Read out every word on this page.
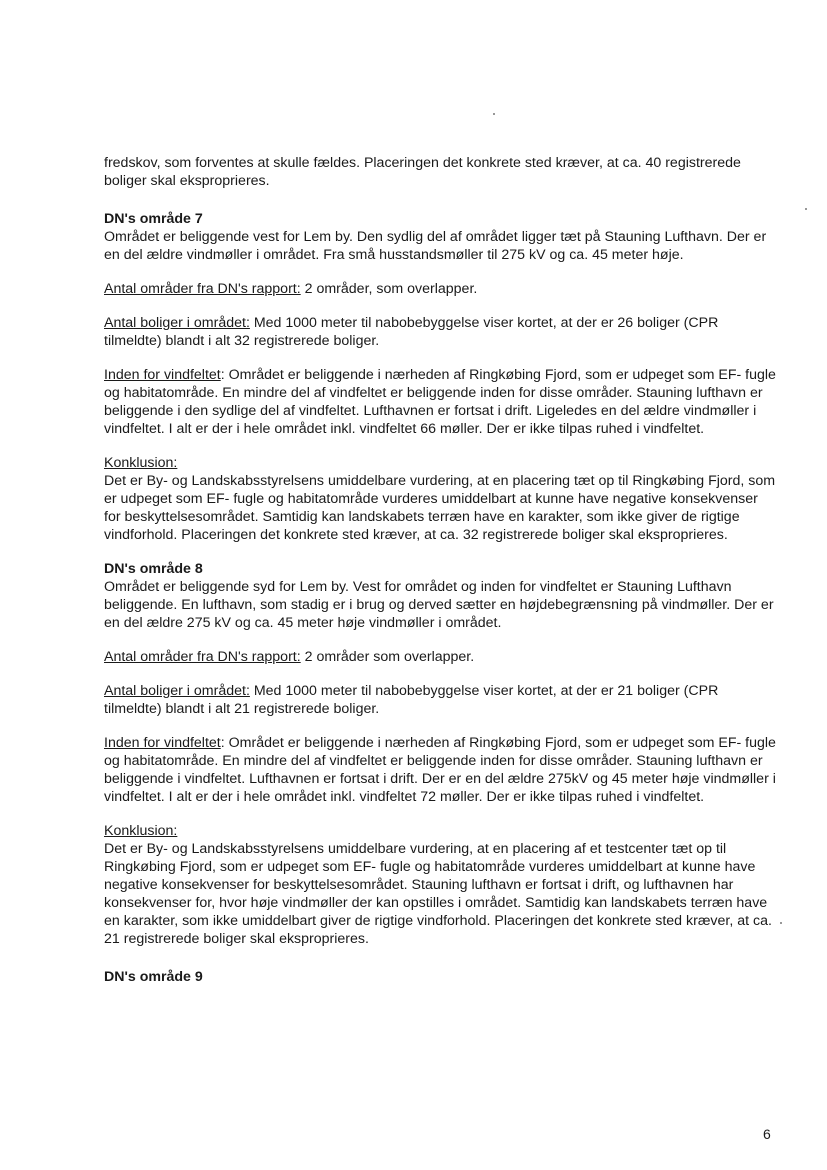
fredskov, som forventes at skulle fældes. Placeringen det konkrete sted kræver, at ca. 40 registrerede boliger skal eksproprieres.

DN's område 7

Området er beliggende vest for Lem by. Den sydlig del af området ligger tæt på Stauning Lufthavn. Der er en del ældre vindmøller i området. Fra små husstandsmøller til 275 kV og ca. 45 meter høje.

Antal områder fra DN's rapport: 2 områder, som overlapper.

Antal boliger i området: Med 1000 meter til nabobebyggelse viser kortet, at der er 26 boliger (CPR tilmeldte) blandt i alt 32 registrerede boliger.

Inden for vindfeltet: Området er beliggende i nærheden af Ringkøbing Fjord, som er udpeget som EF- fugle og habitatområde. En mindre del af vindfeltet er beliggende inden for disse områder. Stauning lufthavn er beliggende i den sydlige del af vindfeltet. Lufthavnen er fortsat i drift. Ligeledes en del ældre vindmøller i vindfeltet. I alt er der i hele området inkl. vindfeltet 66 møller. Der er ikke tilpas ruhed i vindfeltet.

Konklusion:
Det er By- og Landskabsstyrelsens umiddelbare vurdering, at en placering tæt op til Ringkøbing Fjord, som er udpeget som EF- fugle og habitatområde vurderes umiddelbart at kunne have negative konsekvenser for beskyttelsesområdet. Samtidig kan landskabets terræn have en karakter, som ikke giver de rigtige vindforhold. Placeringen det konkrete sted kræver, at ca. 32 registrerede boliger skal eksproprieres.

DN's område 8

Området er beliggende syd for Lem by. Vest for området og inden for vindfeltet er Stauning Lufthavn beliggende. En lufthavn, som stadig er i brug og derved sætter en højdebegrænsning på vindmøller. Der er en del ældre 275 kV og ca. 45 meter høje vindmøller i området.

Antal områder fra DN's rapport: 2 områder som overlapper.

Antal boliger i området: Med 1000 meter til nabobebyggelse viser kortet, at der er 21 boliger (CPR tilmeldte) blandt i alt 21 registrerede boliger.

Inden for vindfeltet: Området er beliggende i nærheden af Ringkøbing Fjord, som er udpeget som EF- fugle og habitatområde. En mindre del af vindfeltet er beliggende inden for disse områder. Stauning lufthavn er beliggende i vindfeltet. Lufthavnen er fortsat i drift. Der er en del ældre 275kV og 45 meter høje vindmøller i vindfeltet. I alt er der i hele området inkl. vindfeltet 72 møller. Der er ikke tilpas ruhed i vindfeltet.

Konklusion:
Det er By- og Landskabsstyrelsens umiddelbare vurdering, at en placering af et testcenter tæt op til Ringkøbing Fjord, som er udpeget som EF- fugle og habitatområde vurderes umiddelbart at kunne have negative konsekvenser for beskyttelsesområdet. Stauning lufthavn er fortsat i drift, og lufthavnen har konsekvenser for, hvor høje vindmøller der kan opstilles i området. Samtidig kan landskabets terræn have en karakter, som ikke umiddelbart giver de rigtige vindforhold. Placeringen det konkrete sted kræver, at ca. 21 registrerede boliger skal eksproprieres.

DN's område 9

6
